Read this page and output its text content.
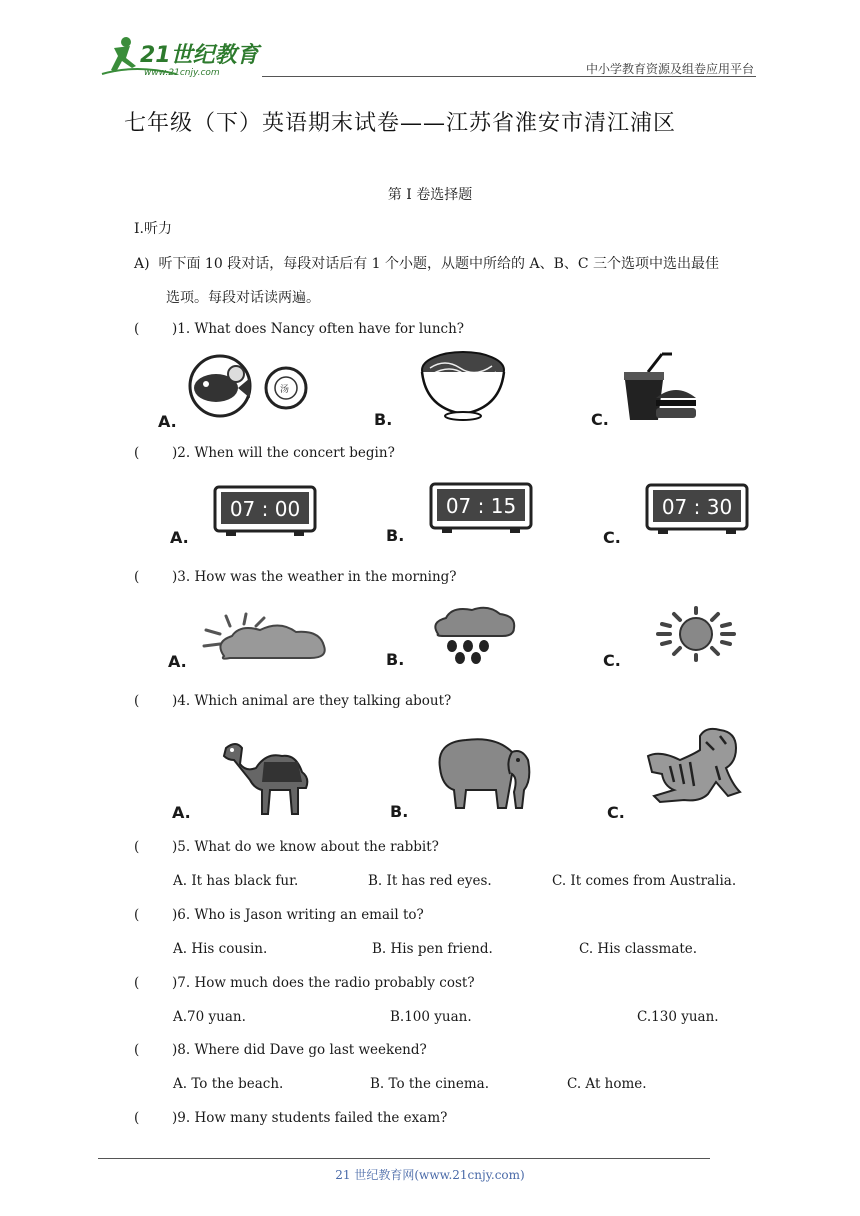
21世纪教育
www.21cnjy.com	中小学教育资源及组卷应用平台
七年级（下）英语期末试卷——江苏省淮安市清江浦区
第 I 卷选择题
I.听力
A) 听下面 10 段对话，每段对话后有 1 个小题，从题中所给的 A、B、C 三个选项中选出最佳
选项。每段对话读两遍。
( )1. What does Nancy often have for lunch?
A.	B.	C.
汤
( )2. When will the concert begin?
A.	B.	C.
07 : 00	07 : 15	07 : 30
( )3. How was the weather in the morning?
A.	B.	C.
( )4. Which animal are they talking about?
A.	B.	C.
( )5. What do we know about the rabbit?
A. It has black fur.	B. It has red eyes.	C. It comes from Australia.
( )6. Who is Jason writing an email to?
A. His cousin.	B. His pen friend.	C. His classmate.
( )7. How much does the radio probably cost?
A.70 yuan.	B.100 yuan.	C.130 yuan.
( )8. Where did Dave go last weekend?
A. To the beach.	B. To the cinema.	C. At home.
( )9. How many students failed the exam?
21 世纪教育网(www.21cnjy.com)
